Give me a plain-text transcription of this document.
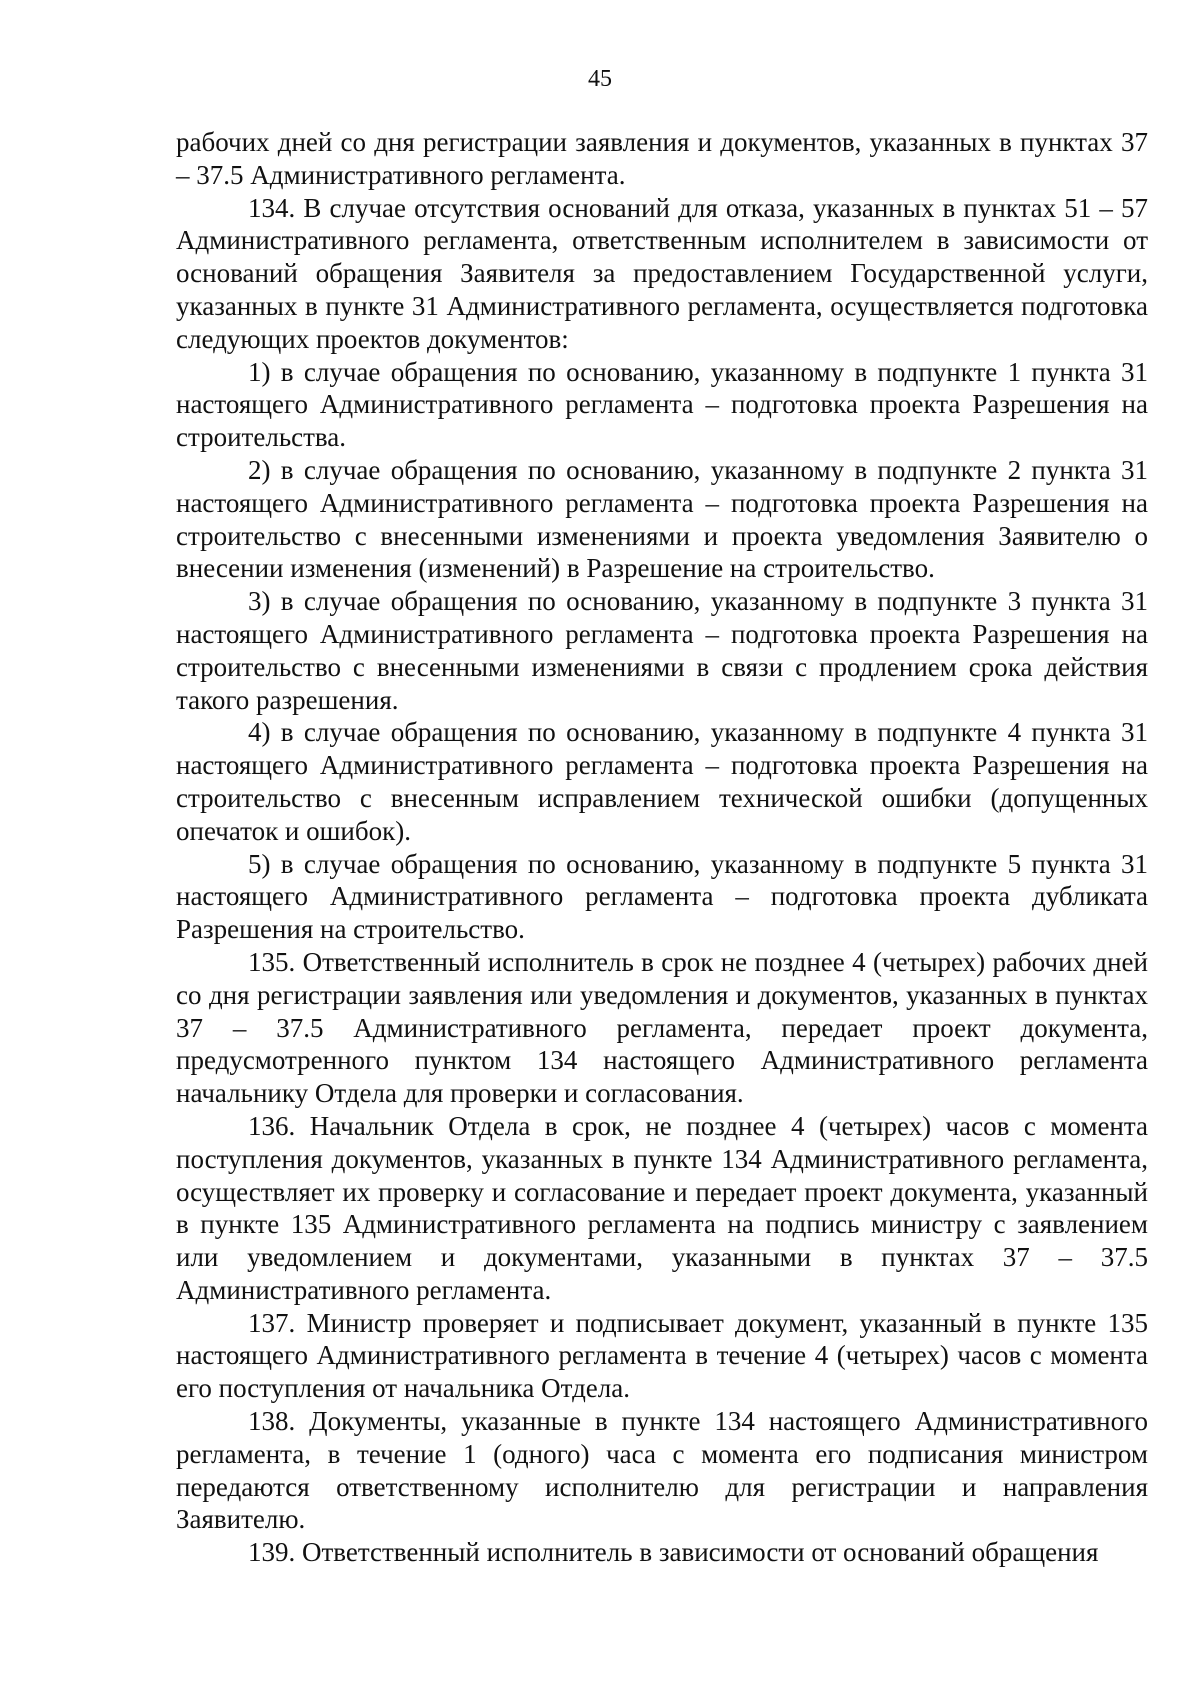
45

рабочих дней со дня регистрации заявления и документов, указанных в пунктах 37 – 37.5 Административного регламента.

134. В случае отсутствия оснований для отказа, указанных в пунктах 51 – 57 Административного регламента, ответственным исполнителем в зависимости от оснований обращения Заявителя за предоставлением Государственной услуги, указанных в пункте 31 Административного регламента, осуществляется подготовка следующих проектов документов:

1) в случае обращения по основанию, указанному в подпункте 1 пункта 31 настоящего Административного регламента – подготовка проекта Разрешения на строительства.

2) в случае обращения по основанию, указанному в подпункте 2 пункта 31 настоящего Административного регламента – подготовка проекта Разрешения на строительство с внесенными изменениями и проекта уведомления Заявителю о внесении изменения (изменений) в Разрешение на строительство.

3) в случае обращения по основанию, указанному в подпункте 3 пункта 31 настоящего Административного регламента – подготовка проекта Разрешения на строительство с внесенными изменениями в связи с продлением срока действия такого разрешения.

4) в случае обращения по основанию, указанному в подпункте 4 пункта 31 настоящего Административного регламента – подготовка проекта Разрешения на строительство с внесенным исправлением технической ошибки (допущенных опечаток и ошибок).

5) в случае обращения по основанию, указанному в подпункте 5 пункта 31 настоящего Административного регламента – подготовка проекта дубликата Разрешения на строительство.

135. Ответственный исполнитель в срок не позднее 4 (четырех) рабочих дней со дня регистрации заявления или уведомления и документов, указанных в пунктах 37 – 37.5 Административного регламента, передает проект документа, предусмотренного пунктом 134 настоящего Административного регламента начальнику Отдела для проверки и согласования.

136. Начальник Отдела в срок, не позднее 4 (четырех) часов с момента поступления документов, указанных в пункте 134 Административного регламента, осуществляет их проверку и согласование и передает проект документа, указанный в пункте 135 Административного регламента на подпись министру с заявлением или уведомлением и документами, указанными в пунктах 37 – 37.5 Административного регламента.

137. Министр проверяет и подписывает документ, указанный в пункте 135 настоящего Административного регламента в течение 4 (четырех) часов с момента его поступления от начальника Отдела.

138. Документы, указанные в пункте 134 настоящего Административного регламента, в течение 1 (одного) часа с момента его подписания министром передаются ответственному исполнителю для регистрации и направления Заявителю.

139. Ответственный исполнитель в зависимости от оснований обращения
